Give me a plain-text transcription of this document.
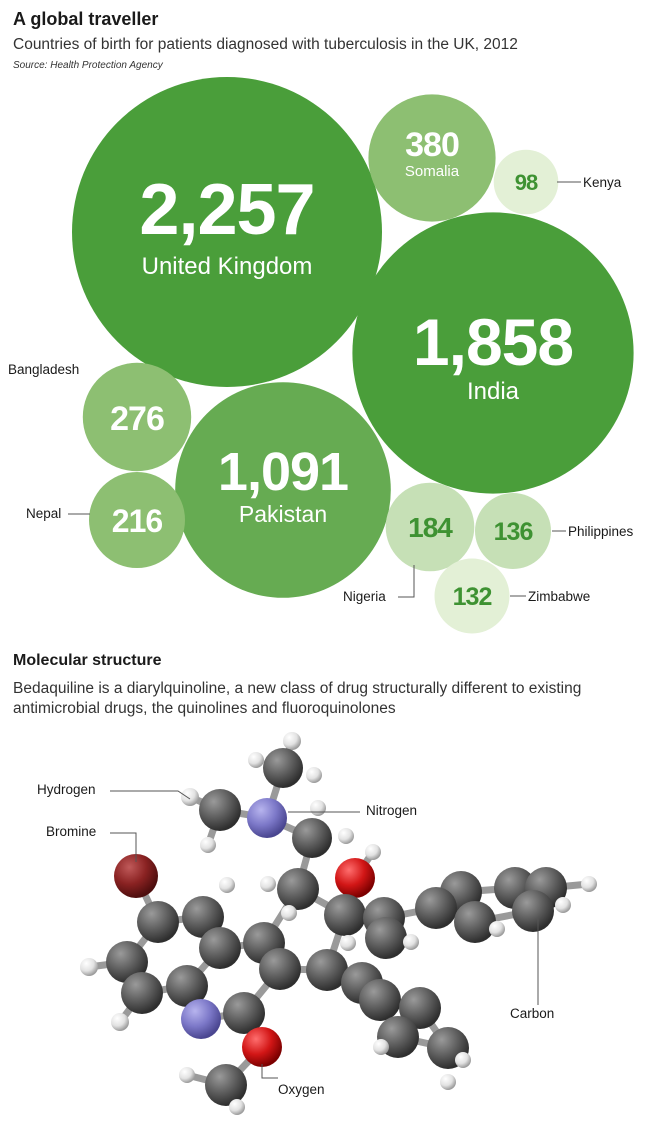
A global traveller
Countries of birth for patients diagnosed with tuberculosis in the UK, 2012
Source: Health Protection Agency
2,257
United Kingdom
1,858
India
1,091
Pakistan
380
Somalia
276
216	184 136
132
98
Bangladesh
Nepal
Nigeria
Philippines
Zimbabwe
Kenya
Molecular structure
Bedaquiline is a diarylquinoline, a new class of drug structurally different to existing antimicrobial drugs, the quinolines and fluoroquinolones
Hydrogen
Nitrogen
Bromine
Carbon
Oxygen
